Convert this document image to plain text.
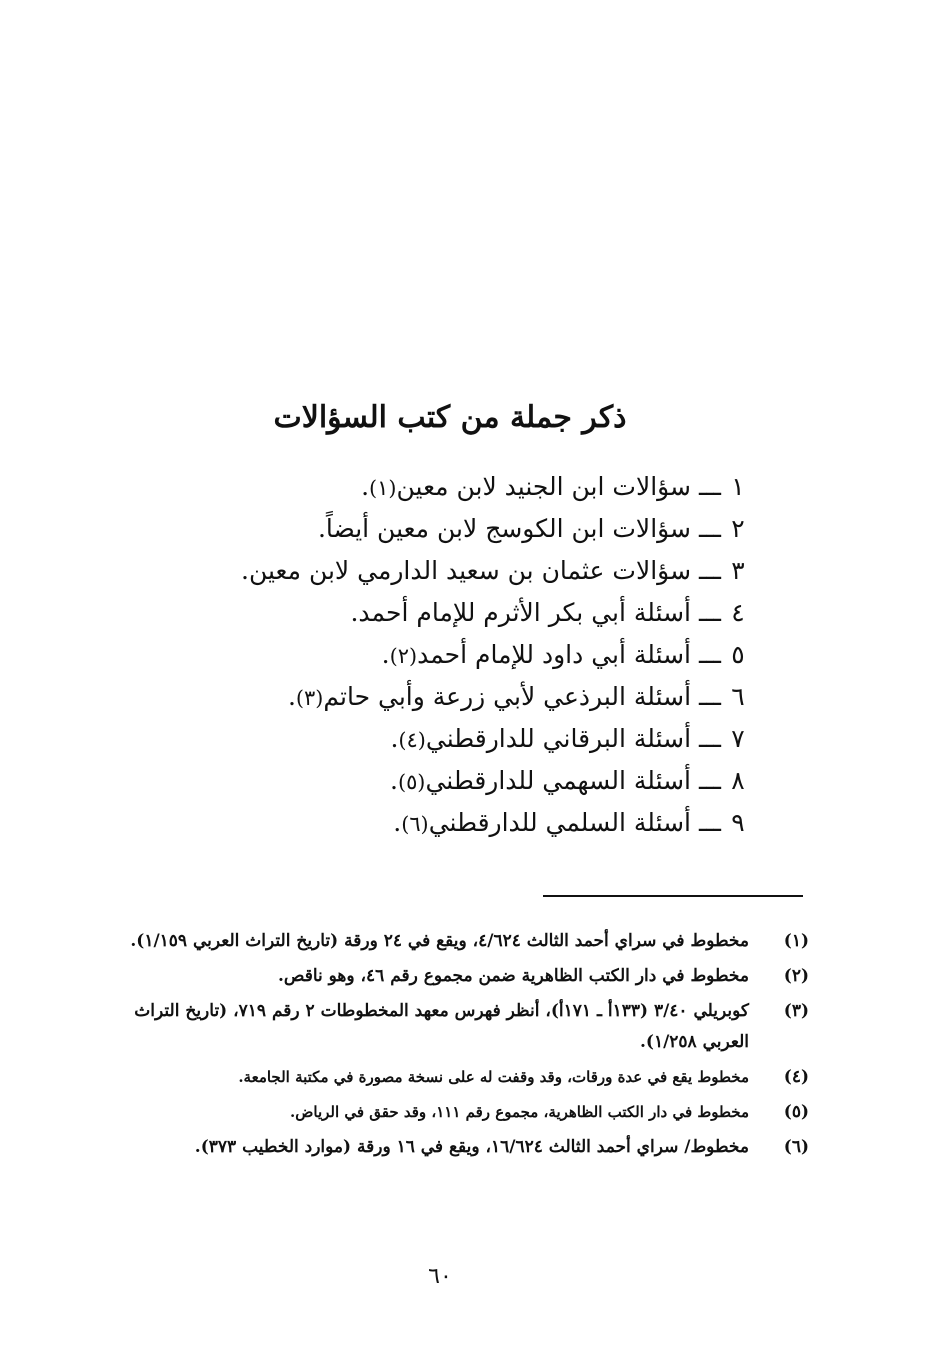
ذكر جملة من كتب السؤالات
١
ـــ
سؤالات ابن الجنيد لابن معين
(١)
.
٢
ـــ
سؤالات ابن الكوسج لابن معين أيضاً
.
٣
ـــ
سؤالات عثمان بن سعيد الدارمي لابن معين
.
٤
ـــ
أسئلة أبي بكر الأثرم للإمام أحمد
.
٥
ـــ
أسئلة أبي داود للإمام أحمد
(٢)
.
٦
ـــ
أسئلة البرذعي لأبي زرعة وأبي حاتم
(٣)
.
٧
ـــ
أسئلة البرقاني للدارقطني
(٤)
.
٨
ـــ
أسئلة السهمي للدارقطني
(٥)
.
٩
ـــ
أسئلة السلمي للدارقطني
(٦)
.
(١)
مخطوط في سراي أحمد الثالث ٤/٦٢٤، ويقع في ٢٤ ورقة (تاريخ التراث العربي ١/١٥٩).
(٢)
مخطوط في دار الكتب الظاهرية ضمن مجموع رقم ٤٦، وهو ناقص.
(٣)
كوبريلي ٣/٤٠ (١٣٣أ ـ ١٧١أ)، أنظر فهرس معهد المخطوطات ٢ رقم ٧١٩، (تاريخ التراث العربي ١/٢٥٨).
(٤)
مخطوط يقع في عدة ورقات، وقد وقفت له على نسخة مصورة في مكتبة الجامعة.
(٥)
مخطوط في دار الكتب الظاهرية، مجموع رقم ١١١، وقد حقق في الرياض.
(٦)
مخطوط/ سراي أحمد الثالث ١٦/٦٢٤، ويقع في ١٦ ورقة (موارد الخطيب ٣٧٣).
٦٠
